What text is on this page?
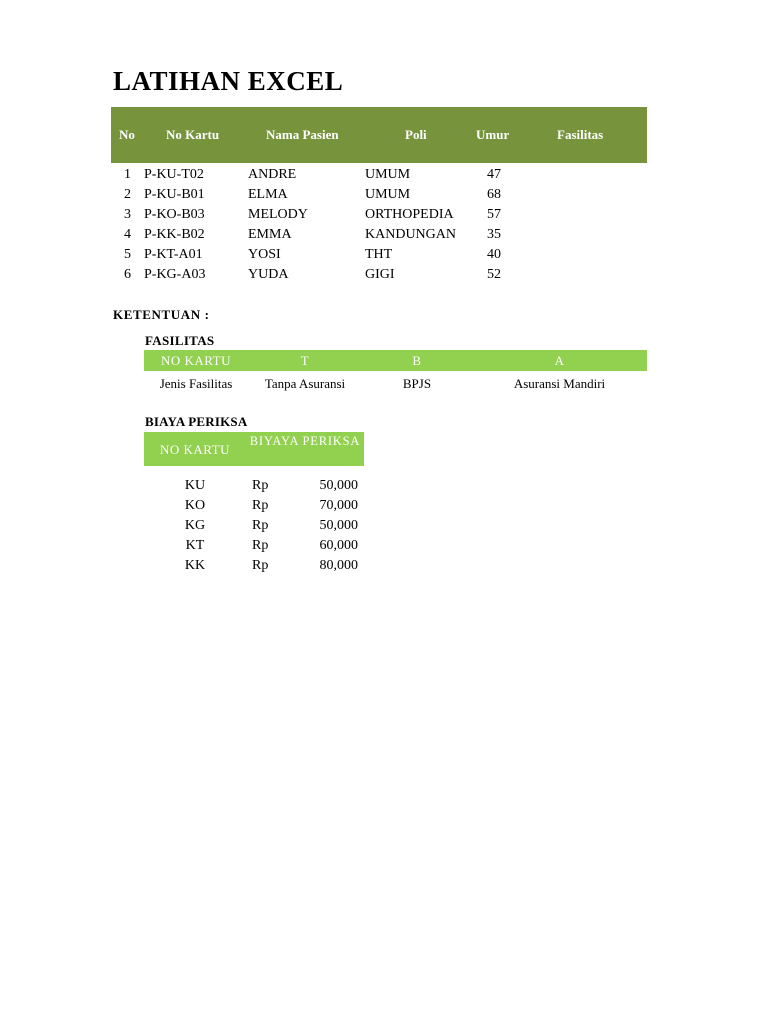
LATIHAN EXCEL
No No Kartu	Nama Pasien	Poli	Umur	Fasilitas
1 P-KU-T02	ANDRE	UMUM	47
2 P-KU-B01	ELMA	UMUM	68
3 P-KO-B03	MELODY	ORTHOPEDIA 57
4 P-KK-B02	EMMA	KANDUNGAN 35
5 P-KT-A01	YOSI	THT	40
6 P-KG-A03	YUDA	GIGI	52
KETENTUAN :
FASILITAS
NO KARTU	T	B	A
Jenis Fasilitas	Tanpa Asuransi	BPJS	Asuransi Mandiri
BIAYA PERIKSA
NO KARTU
BIYAYA PERIKSA
KU	Rp	50,000
KO	Rp	70,000
KG	Rp	50,000
KT	Rp	60,000
KK	Rp	80,000
